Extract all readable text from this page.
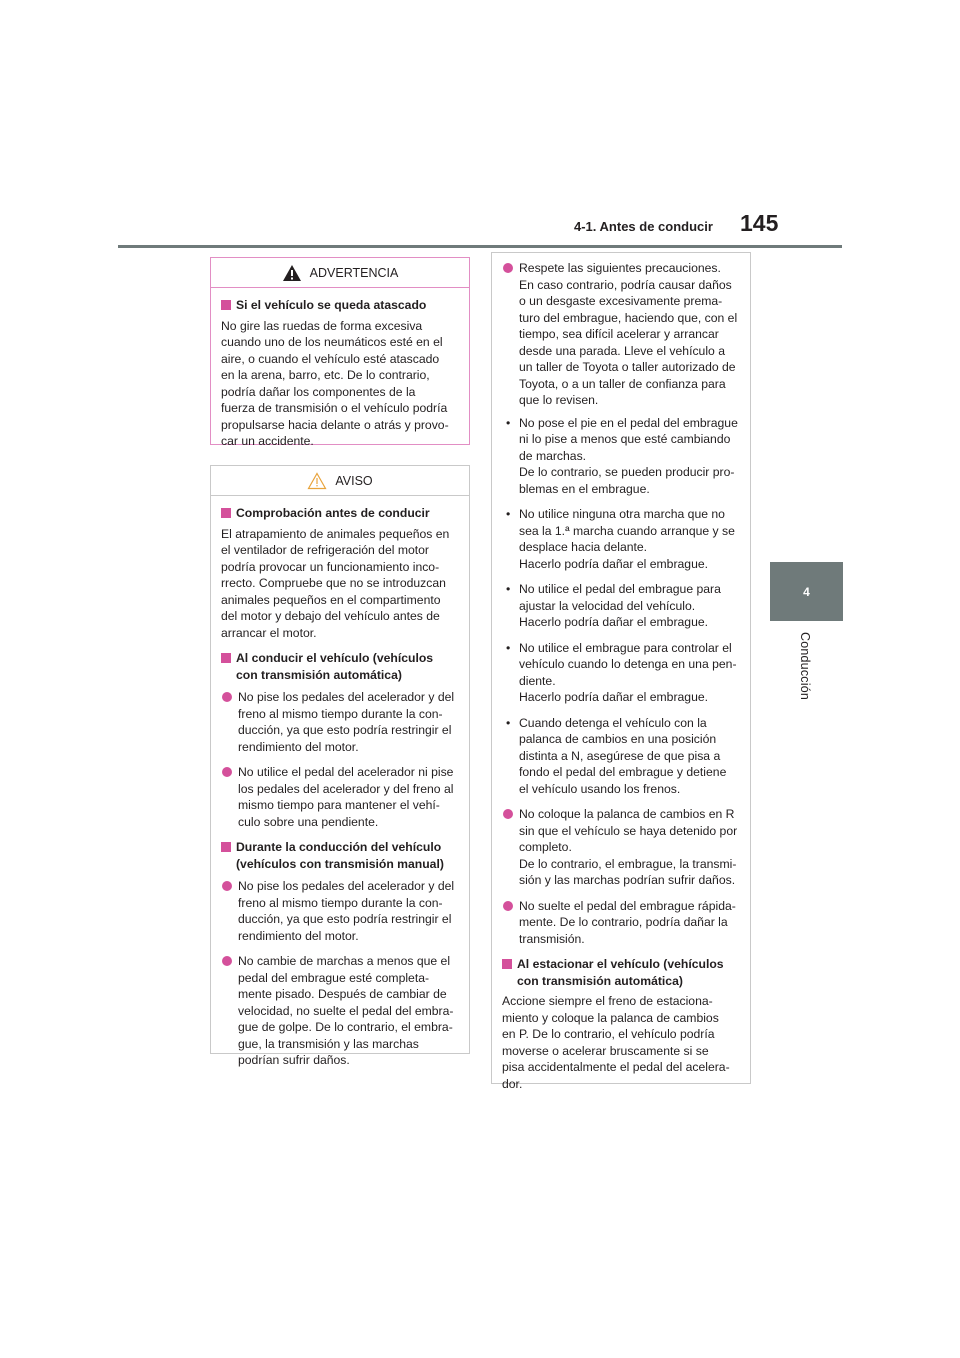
4-1. Antes de conducir 145
4
Conducción
ADVERTENCIA
Si el vehículo se queda atascado

No gire las ruedas de forma excesiva
cuando uno de los neumáticos esté en el
aire, o cuando el vehículo esté atascado
en la arena, barro, etc. De lo contrario,
podría dañar los componentes de la
fuerza de transmisión o el vehículo podría
propulsarse hacia delante o atrás y provo-
car un accidente.

AVISO
Comprobación antes de conducir

El atrapamiento de animales pequeños en
el ventilador de refrigeración del motor
podría provocar un funcionamiento inco-
rrecto. Compruebe que no se introduzcan
animales pequeños en el compartimento
del motor y debajo del vehículo antes de
arrancar el motor.

Al conducir el vehículo (vehículos
con transmisión automática)
No pise los pedales del acelerador y del
freno al mismo tiempo durante la con-
ducción, ya que esto podría restringir el
rendimiento del motor.
No utilice el pedal del acelerador ni pise
los pedales del acelerador y del freno al
mismo tiempo para mantener el vehí-
culo sobre una pendiente.
Durante la conducción del vehículo
(vehículos con transmisión manual)
No pise los pedales del acelerador y del
freno al mismo tiempo durante la con-
ducción, ya que esto podría restringir el
rendimiento del motor.
No cambie de marchas a menos que el
pedal del embrague esté completa-
mente pisado. Después de cambiar de
velocidad, no suelte el pedal del embra-
gue de golpe. De lo contrario, el embra-
gue, la transmisión y las marchas
podrían sufrir daños.
Respete las siguientes precauciones.
En caso contrario, podría causar daños
o un desgaste excesivamente prema-
turo del embrague, haciendo que, con el
tiempo, sea difícil acelerar y arrancar
desde una parada. Lleve el vehículo a
un taller de Toyota o taller autorizado de
Toyota, o a un taller de confianza para
que lo revisen.
• No pose el pie en el pedal del embrague
ni lo pise a menos que esté cambiando
de marchas.
De lo contrario, se pueden producir pro-
blemas en el embrague.
• No utilice ninguna otra marcha que no
sea la 1.ª marcha cuando arranque y se
desplace hacia delante.
Hacerlo podría dañar el embrague.
• No utilice el pedal del embrague para
ajustar la velocidad del vehículo.
Hacerlo podría dañar el embrague.
• No utilice el embrague para controlar el
vehículo cuando lo detenga en una pen-
diente.
Hacerlo podría dañar el embrague.
• Cuando detenga el vehículo con la
palanca de cambios en una posición
distinta a N, asegúrese de que pisa a
fondo el pedal del embrague y detiene
el vehículo usando los frenos.
No coloque la palanca de cambios en R
sin que el vehículo se haya detenido por
completo.
De lo contrario, el embrague, la transmi-
sión y las marchas podrían sufrir daños.
No suelte el pedal del embrague rápida-
mente. De lo contrario, podría dañar la
transmisión.
Al estacionar el vehículo (vehículos
con transmisión automática)

Accione siempre el freno de estaciona-
miento y coloque la palanca de cambios
en P. De lo contrario, el vehículo podría
moverse o acelerar bruscamente si se
pisa accidentalmente el pedal del acelera-
dor.
